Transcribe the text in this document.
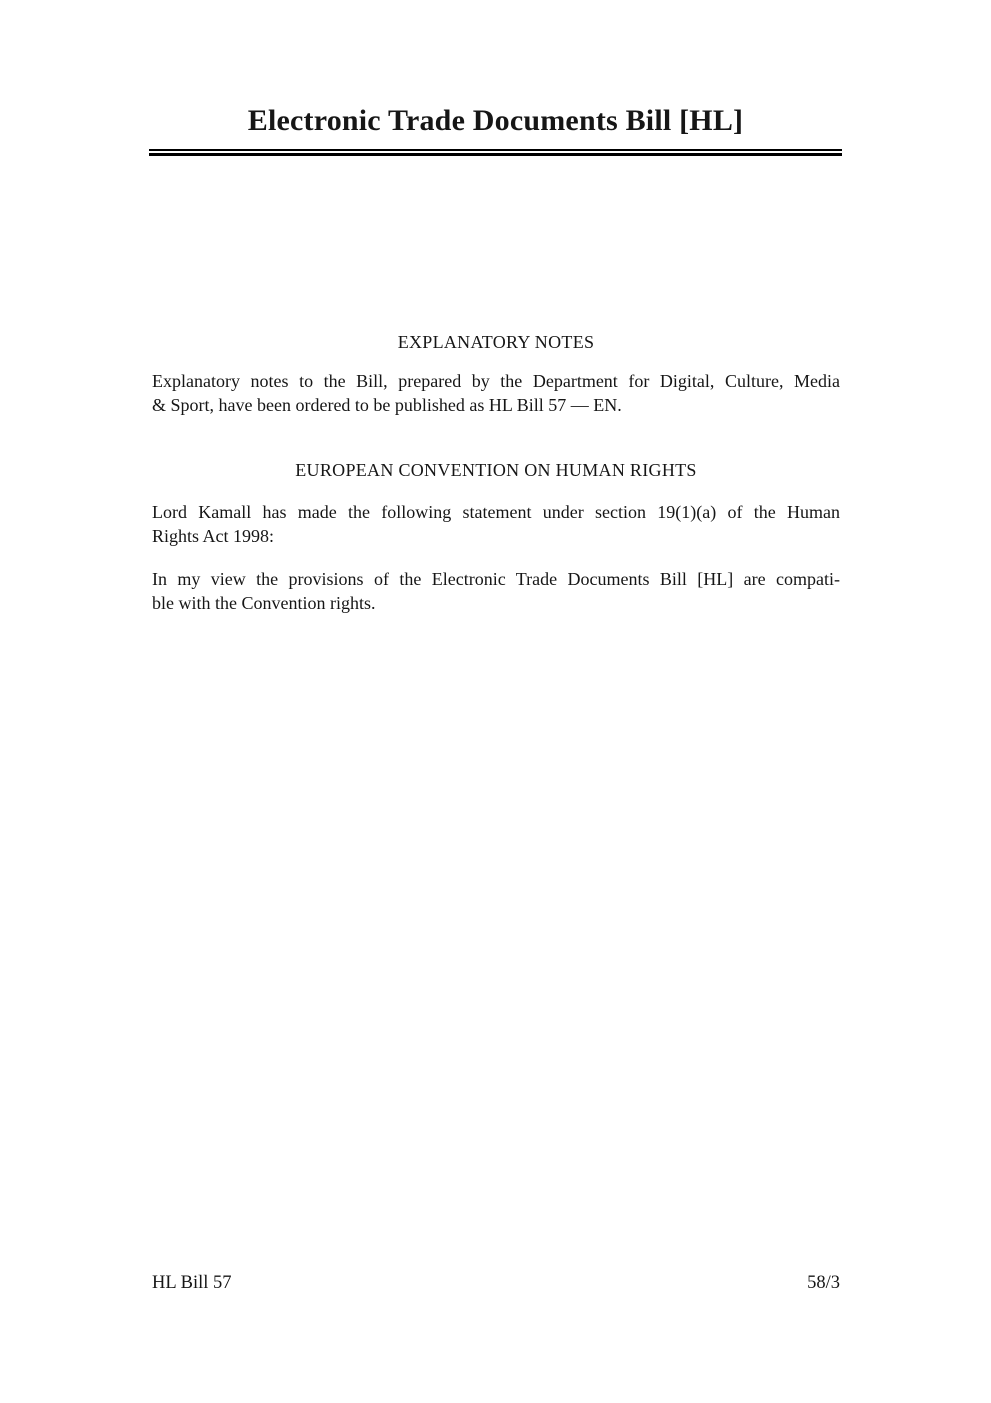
Electronic Trade Documents Bill [HL]
EXPLANATORY NOTES
Explanatory notes to the Bill, prepared by the Department for Digital, Culture, Media
& Sport, have been ordered to be published as HL Bill 57 — EN.
EUROPEAN CONVENTION ON HUMAN RIGHTS
Lord Kamall has made the following statement under section 19(1)(a) of the Human
Rights Act 1998:
In my view the provisions of the Electronic Trade Documents Bill [HL] are compati-
ble with the Convention rights.
HL Bill 57	58/3
